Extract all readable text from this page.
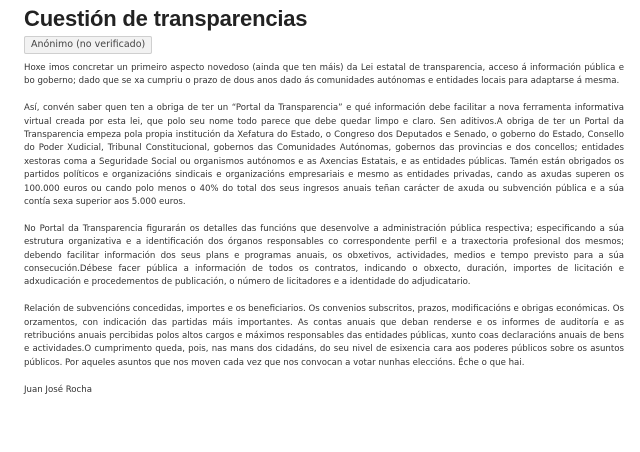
Cuestión de transparencias
Anónimo (no verificado)

Hoxe imos concretar un primeiro aspecto novedoso (ainda que ten máis) da Lei estatal de transparencia, acceso á información pública e bo goberno; dado que se xa cumpriu o prazo de dous anos dado ás comunidades autónomas e entidades locais para adaptarse á mesma.

Así, convén saber quen ten a obriga de ter un “Portal da Transparencia” e qué información debe facilitar a nova ferramenta informativa virtual creada por esta lei, que polo seu nome todo parece que debe quedar limpo e claro. Sen aditivos.A obriga de ter un Portal da Transparencia empeza pola propia institución da Xefatura do Estado, o Congreso dos Deputados e Senado, o goberno do Estado, Consello do Poder Xudicial, Tribunal Constitucional, gobernos das Comunidades Autónomas, gobernos das provincias e dos concellos; entidades xestoras coma a Seguridade Social ou organismos autónomos e as Axencias Estatais, e as entidades públicas. Tamén están obrigados os partidos políticos e organizacións sindicais e organizacións empresariais e mesmo as entidades privadas, cando as axudas superen os 100.000 euros ou cando polo menos o 40% do total dos seus ingresos anuais teñan carácter de axuda ou subvención pública e a súa contía sexa superior aos 5.000 euros.

No Portal da Transparencia figurarán os detalles das funcións que desenvolve a administración pública respectiva; especificando a súa estrutura organizativa e a identificación dos órganos responsables co correspondente perfil e a traxectoria profesional dos mesmos; debendo facilitar información dos seus plans e programas anuais, os obxetivos, actividades, medios e tempo previsto para a súa consecución.Débese facer pública a información de todos os contratos, indicando o obxecto, duración, importes de licitación e adxudicación e procedementos de publicación, o número de licitadores e a identidade do adjudicatario.

Relación de subvencións concedidas, importes e os beneficiarios. Os convenios subscritos, prazos, modificacións e obrigas económicas. Os orzamentos, con indicación das partidas máis importantes. As contas anuais que deban renderse e os informes de auditoría e as retribucións anuais percibidas polos altos cargos e máximos responsables das entidades públicas, xunto coas declaracións anuais de bens e actividades.O cumprimento queda, pois, nas mans dos cidadáns, do seu nivel de esixencia cara aos poderes públicos sobre os asuntos públicos. Por aqueles asuntos que nos moven cada vez que nos convocan a votar nunhas eleccións. Éche o que hai.

Juan José Rocha
